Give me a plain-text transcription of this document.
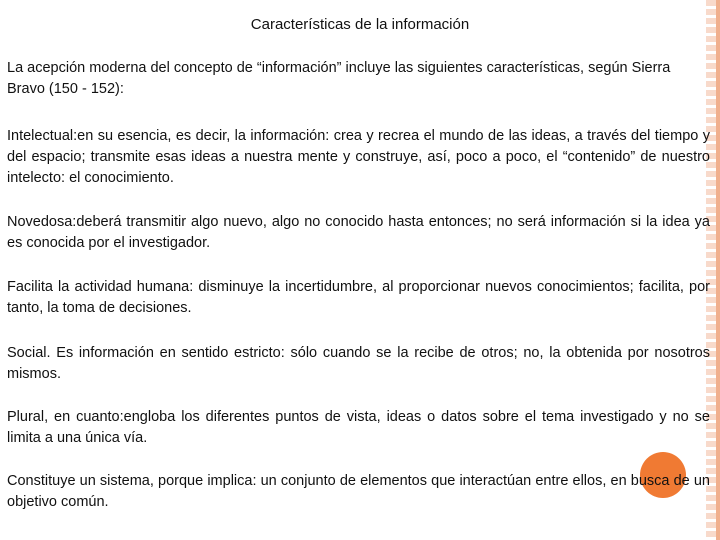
Características de la información
La acepción moderna del concepto de “información” incluye las siguientes características, según Sierra Bravo (150 - 152):
Intelectual:en su esencia, es decir, la información: crea y recrea el mundo de las ideas, a través del tiempo y del espacio; transmite esas ideas a nuestra mente y construye, así, poco a poco, el “contenido” de nuestro intelecto: el conocimiento.
Novedosa:deberá transmitir algo nuevo, algo no conocido hasta entonces; no será información si la idea ya es conocida por el investigador.
Facilita la actividad humana: disminuye la incertidumbre, al proporcionar nuevos conocimientos; facilita, por tanto, la toma de decisiones.
Social. Es información en sentido estricto: sólo cuando se la recibe de otros; no, la obtenida por nosotros mismos.
Plural, en cuanto:engloba los diferentes puntos de vista, ideas o datos sobre el tema investigado y no se limita a una única vía.
Constituye un sistema, porque implica: un conjunto de elementos que interactúan entre ellos, en busca de un objetivo común.
